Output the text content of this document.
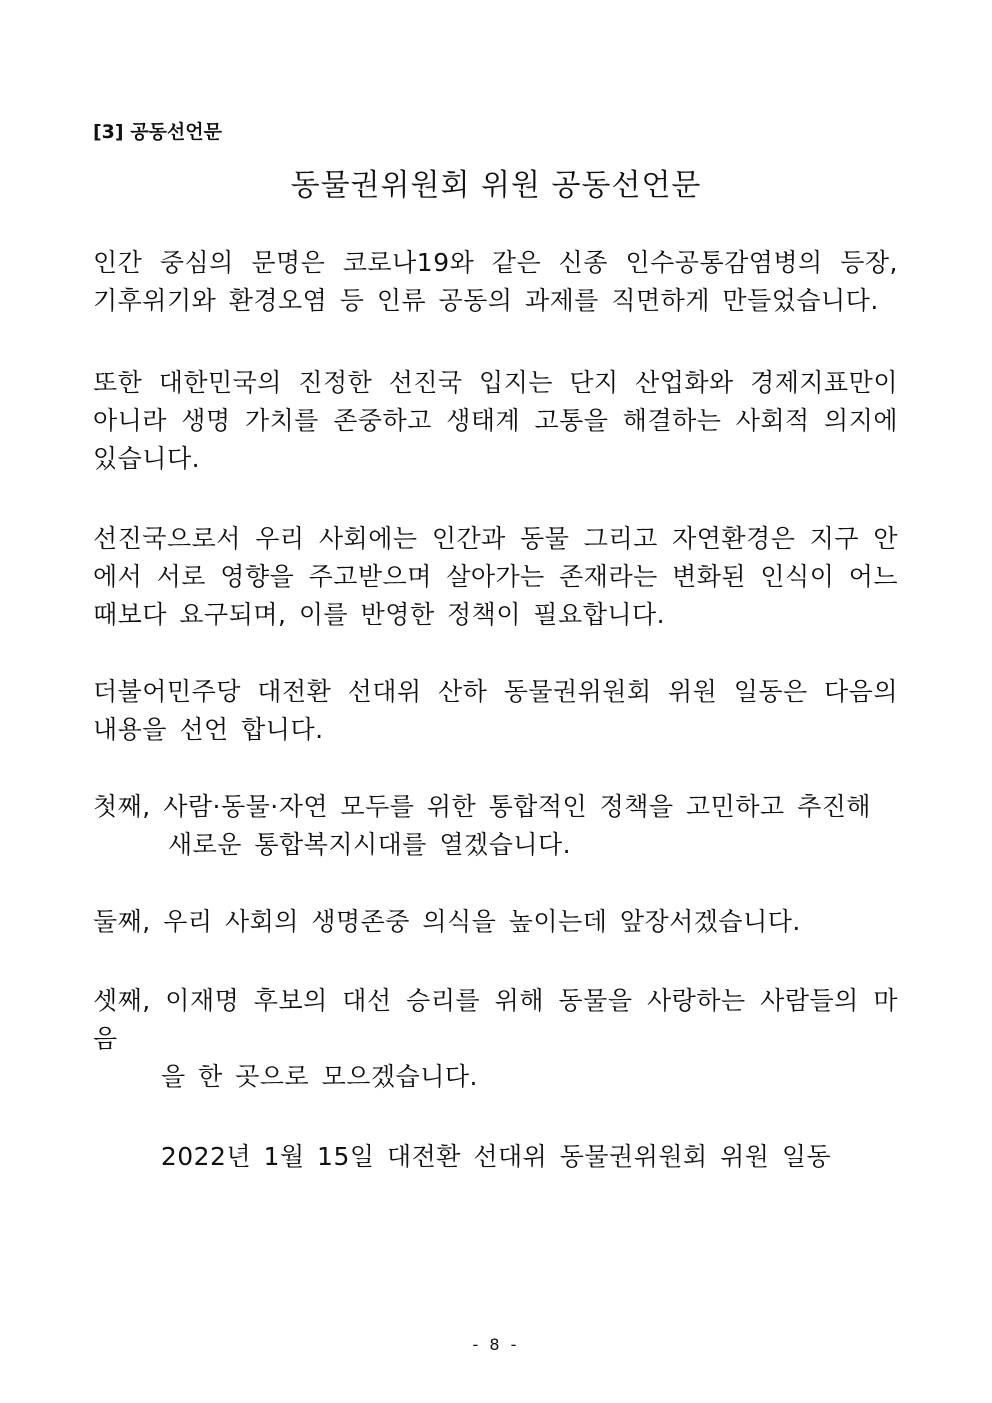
[3] 공동선언문
동물권위원회 위원 공동선언문
인간 중심의 문명은 코로나19와 같은 신종 인수공통감염병의 등장, 기후위기와 환경오염 등 인류 공동의 과제를 직면하게 만들었습니다.
또한 대한민국의 진정한 선진국 입지는 단지 산업화와 경제지표만이 아니라 생명 가치를 존중하고 생태계 고통을 해결하는 사회적 의지에 있습니다.
선진국으로서 우리 사회에는 인간과 동물 그리고 자연환경은 지구 안에서 서로 영향을 주고받으며 살아가는 존재라는 변화된 인식이 어느 때보다 요구되며, 이를 반영한 정책이 필요합니다.
더불어민주당 대전환 선대위 산하 동물권위원회 위원 일동은 다음의 내용을 선언 합니다.
첫째, 사람·동물·자연 모두를 위한 통합적인 정책을 고민하고 추진해
새로운 통합복지시대를 열겠습니다.
둘째, 우리 사회의 생명존중 의식을 높이는데 앞장서겠습니다.
셋째, 이재명 후보의 대선 승리를 위해 동물을 사랑하는 사람들의 마음
을 한 곳으로 모으겠습니다.
2022년 1월 15일 대전환 선대위 동물권위원회 위원 일동
- 8 -
